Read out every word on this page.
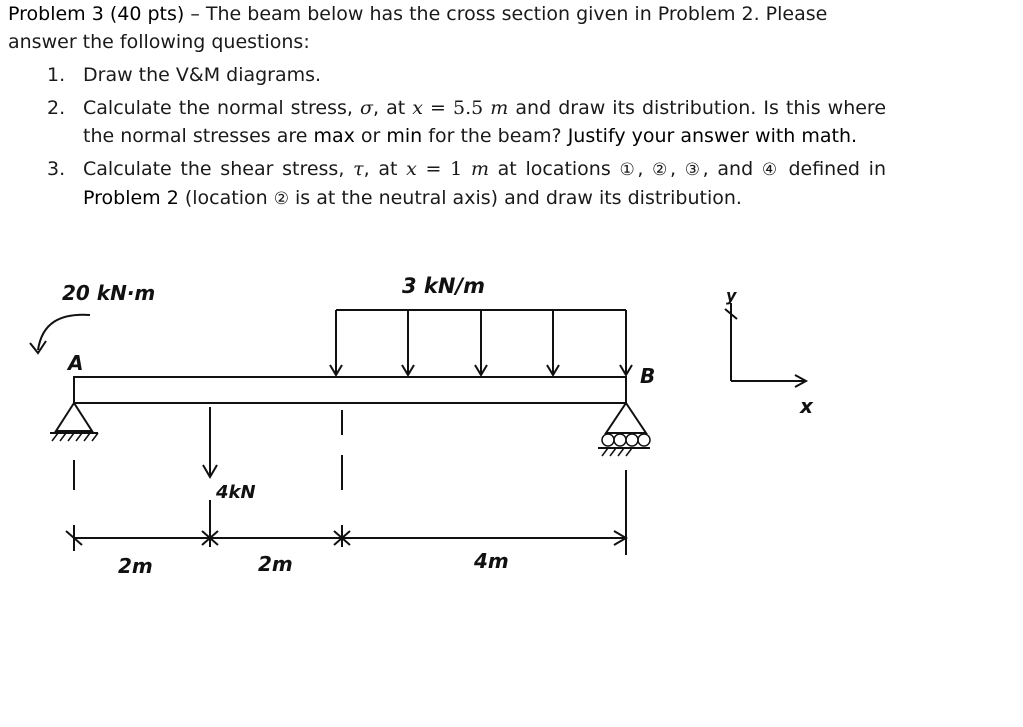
Problem 3 (40 pts) – The beam below has the cross section given in Problem 2. Please
answer the following questions:

1. Draw the V&M diagrams.
2. Calculate the normal stress, σ, at x = 5.5 m and draw its distribution. Is this where the normal stresses are max or min for the beam? Justify your answer with math.
3. Calculate the shear stress, τ, at x = 1 m at locations ①, ②, ③, and ④ defined in Problem 2 (location ② is at the neutral axis) and draw its distribution.
20 kN·m
A
B
3 kN/m
4kN
2m	2m	4m
y
x
